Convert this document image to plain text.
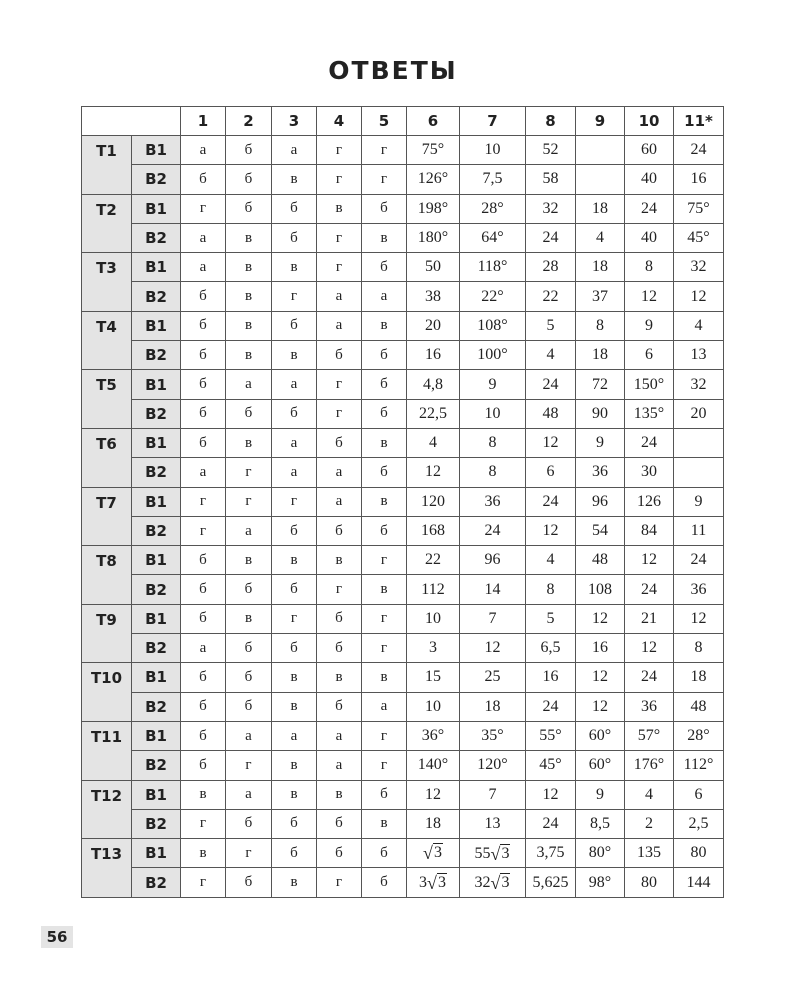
ОТВЕТЫ
		1	2	3	4	5	6	7	8	9	10	11*
Т1	В1	а	б	а	г	г	75°	10	52		60	24
	В2	б	б	в	г	г	126°	7,5	58		40	16
Т2	В1	г	б	б	в	б	198°	28°	32	18	24	75°
	В2	а	в	б	г	в	180°	64°	24	4	40	45°
Т3	В1	а	в	в	г	б	50	118°	28	18	8	32
	В2	б	в	г	а	а	38	22°	22	37	12	12
Т4	В1	б	в	б	а	в	20	108°	5	8	9	4
	В2	б	в	в	б	б	16	100°	4	18	6	13
Т5	В1	б	а	а	г	б	4,8	9	24	72	150°	32
	В2	б	б	б	г	б	22,5	10	48	90	135°	20
Т6	В1	б	в	а	б	в	4	8	12	9	24	
	В2	а	г	а	а	б	12	8	6	36	30	
Т7	В1	г	г	г	а	в	120	36	24	96	126	9
	В2	г	а	б	б	б	168	24	12	54	84	11
Т8	В1	б	в	в	в	г	22	96	4	48	12	24
	В2	б	б	б	г	в	112	14	8	108	24	36
Т9	В1	б	в	г	б	г	10	7	5	12	21	12
	В2	а	б	б	б	г	3	12	6,5	16	12	8
Т10	В1	б	б	в	в	в	15	25	16	12	24	18
	В2	б	б	в	б	а	10	18	24	12	36	48
Т11	В1	б	а	а	а	г	36°	35°	55°	60°	57°	28°
	В2	б	г	в	а	г	140°	120°	45°	60°	176°	112°
Т12	В1	в	а	в	в	б	12	7	12	9	4	6
	В2	г	б	б	б	в	18	13	24	8,5	2	2,5
Т13	В1	в	г	б	б	б	√ 3	55 √ 3	3,75	80°	135	80
	В2	г	б	в	г	б	3 √ 3	32 √ 3	5,625	98°	80	144
56
